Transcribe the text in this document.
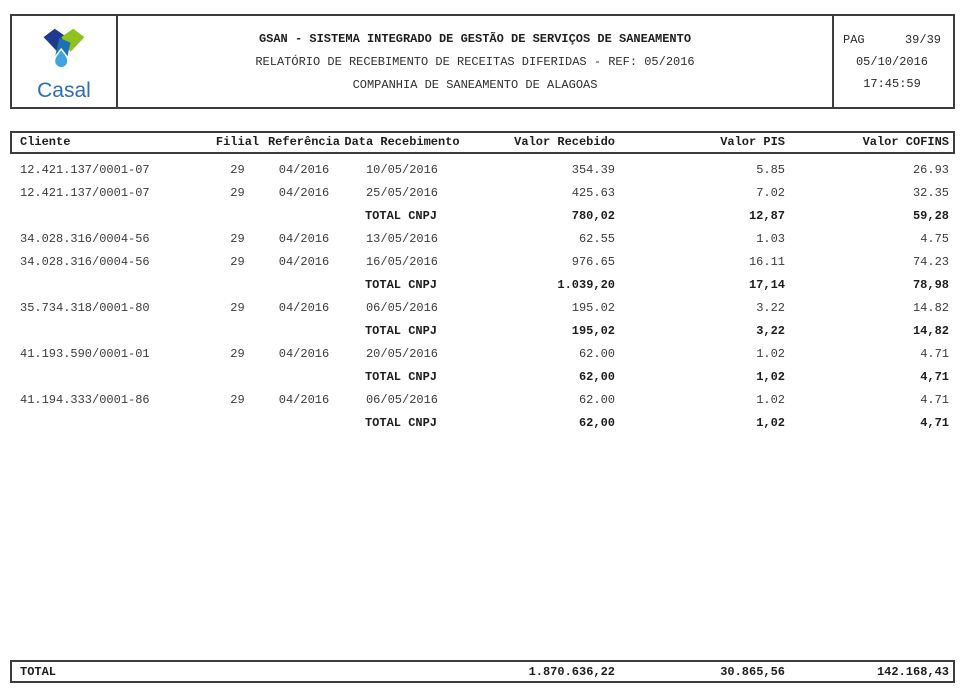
Casal
GSAN - SISTEMA INTEGRADO DE GESTÃO DE SERVIÇOS DE SANEAMENTO
RELATÓRIO DE RECEBIMENTO DE RECEITAS DIFERIDAS - REF: 05/2016
COMPANHIA DE SANEAMENTO DE ALAGOAS
PAG	39/39
05/10/2016
17:45:59
Cliente	Filial	Referência	Data Recebimento	Valor Recebido	Valor PIS	Valor COFINS
12.421.137/0001-07	29	04/2016	10/05/2016	354.39	5.85	26.93
12.421.137/0001-07	29	04/2016	25/05/2016	425.63	7.02	32.35
			TOTAL CNPJ	780,02	12,87	59,28
34.028.316/0004-56	29	04/2016	13/05/2016	62.55	1.03	4.75
34.028.316/0004-56	29	04/2016	16/05/2016	976.65	16.11	74.23
			TOTAL CNPJ	1.039,20	17,14	78,98
35.734.318/0001-80	29	04/2016	06/05/2016	195.02	3.22	14.82
			TOTAL CNPJ	195,02	3,22	14,82
41.193.590/0001-01	29	04/2016	20/05/2016	62.00	1.02	4.71
			TOTAL CNPJ	62,00	1,02	4,71
41.194.333/0001-86	29	04/2016	06/05/2016	62.00	1.02	4.71
			TOTAL CNPJ	62,00	1,02	4,71
TOTAL				1.870.636,22	30.865,56	142.168,43
